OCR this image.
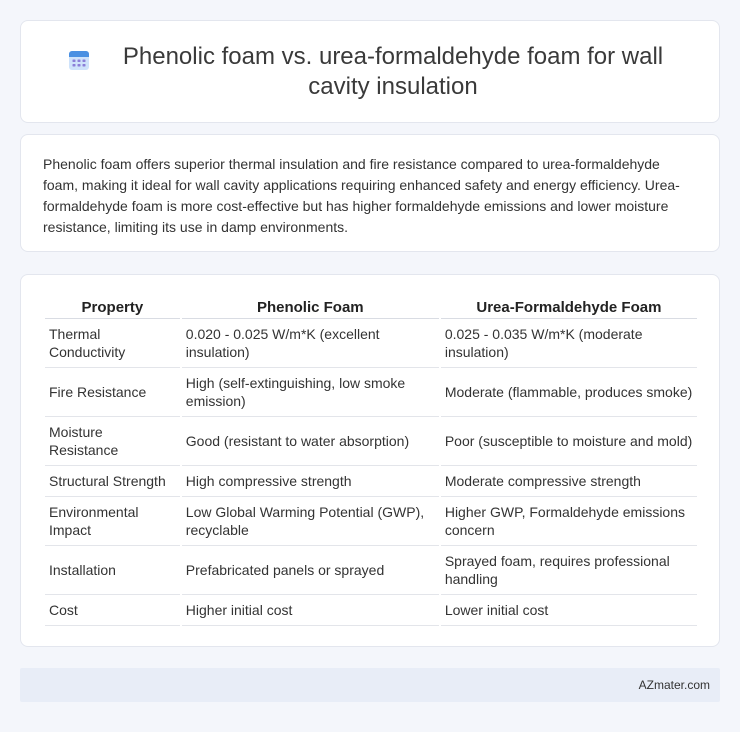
Phenolic foam vs. urea-formaldehyde foam for wall cavity insulation

Phenolic foam offers superior thermal insulation and fire resistance compared to urea-formaldehyde foam, making it ideal for wall cavity applications requiring enhanced safety and energy efficiency. Urea-formaldehyde foam is more cost-effective but has higher formaldehyde emissions and lower moisture resistance, limiting its use in damp environments.

Property	Phenolic Foam	Urea-Formaldehyde Foam
Thermal Conductivity	0.020 - 0.025 W/m*K (excellent insulation)	0.025 - 0.035 W/m*K (moderate insulation)
Fire Resistance	High (self-extinguishing, low smoke emission)	Moderate (flammable, produces smoke)
Moisture Resistance	Good (resistant to water absorption)	Poor (susceptible to moisture and mold)
Structural Strength	High compressive strength	Moderate compressive strength
Environmental Impact	Low Global Warming Potential (GWP), recyclable	Higher GWP, Formaldehyde emissions concern
Installation	Prefabricated panels or sprayed	Sprayed foam, requires professional handling
Cost	Higher initial cost	Lower initial cost
AZmater.com
